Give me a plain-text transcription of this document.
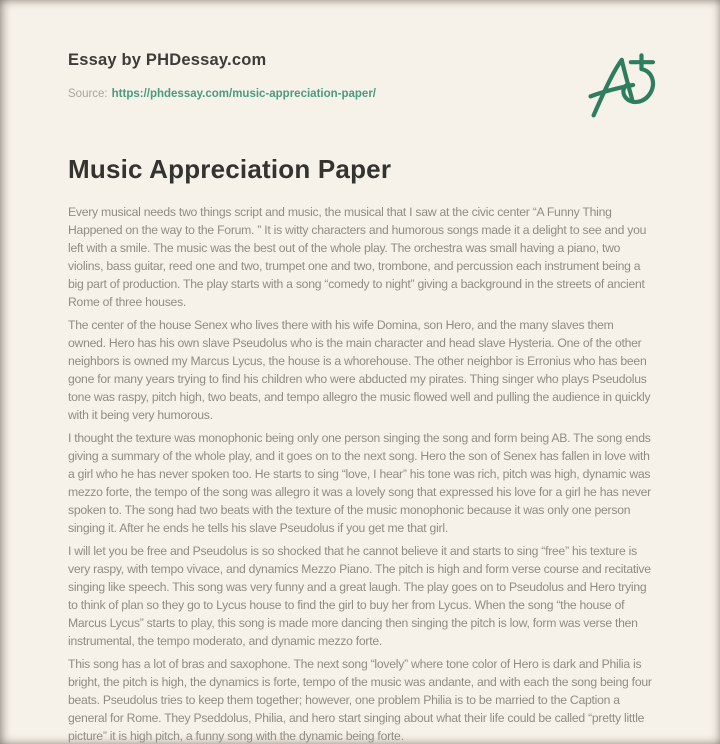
Essay by PHDessay.com
Source: https://phdessay.com/music-appreciation-paper/
Music Appreciation Paper

Every musical needs two things script and music, the musical that I saw at the civic center “A Funny Thing Happened on the way to the Forum. ” It is witty characters and humorous songs made it a delight to see and you left with a smile. The music was the best out of the whole play. The orchestra was small having a piano, two violins, bass guitar, reed one and two, trumpet one and two, trombone, and percussion each instrument being a big part of production. The play starts with a song “comedy to night” giving a background in the streets of ancient Rome of three houses.

The center of the house Senex who lives there with his wife Domina, son Hero, and the many slaves them owned. Hero has his own slave Pseudolus who is the main character and head slave Hysteria. One of the other neighbors is owned my Marcus Lycus, the house is a whorehouse. The other neighbor is Erronius who has been gone for many years trying to find his children who were abducted my pirates. Thing singer who plays Pseudolus tone was raspy, pitch high, two beats, and tempo allegro the music flowed well and pulling the audience in quickly with it being very humorous.

I thought the texture was monophonic being only one person singing the song and form being AB. The song ends giving a summary of the whole play, and it goes on to the next song. Hero the son of Senex has fallen in love with a girl who he has never spoken too. He starts to sing “love, I hear” his tone was rich, pitch was high, dynamic was mezzo forte, the tempo of the song was allegro it was a lovely song that expressed his love for a girl he has never spoken to. The song had two beats with the texture of the music monophonic because it was only one person singing it. After he ends he tells his slave Pseudolus if you get me that girl.

I will let you be free and Pseudolus is so shocked that he cannot believe it and starts to sing “free” his texture is very raspy, with tempo vivace, and dynamics Mezzo Piano. The pitch is high and form verse course and recitative singing like speech. This song was very funny and a great laugh. The play goes on to Pseudolus and Hero trying to think of plan so they go to Lycus house to find the girl to buy her from Lycus. When the song “the house of Marcus Lycus” starts to play, this song is made more dancing then singing the pitch is low, form was verse then instrumental, the tempo moderato, and dynamic mezzo forte.

This song has a lot of bras and saxophone. The next song “lovely” where tone color of Hero is dark and Philia is bright, the pitch is high, the dynamics is forte, tempo of the music was andante, and with each the song being four beats. Pseudolus tries to keep them together; however, one problem Philia is to be married to the Caption a general for Rome. They Pseddolus, Philia, and hero start singing about what their life could be called “pretty little picture” it is high pitch, a funny song with the dynamic being forte.
